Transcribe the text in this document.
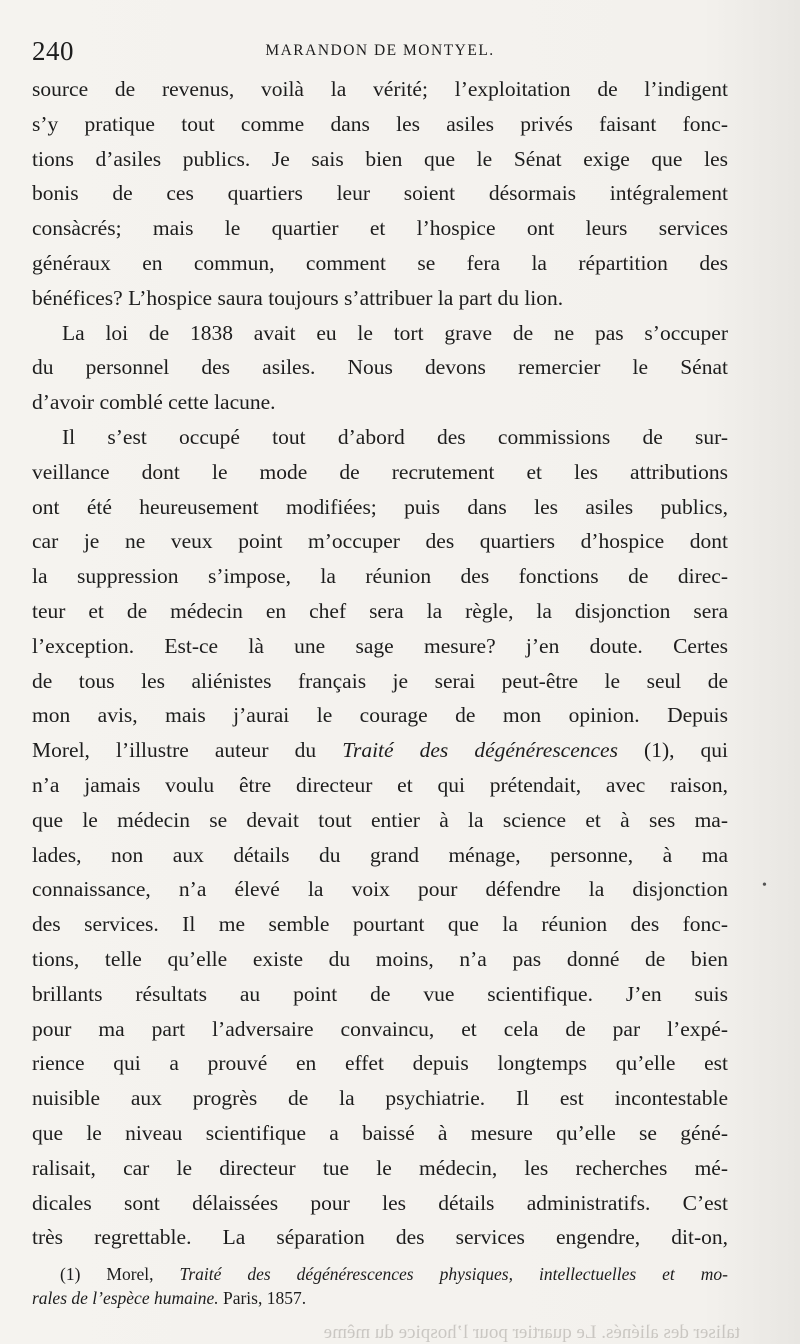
240	MARANDON DE MONTYEL.
source de revenus, voilà la vérité; l’exploitation de l’indigent
s’y pratique tout comme dans les asiles privés faisant fonc-
tions d’asiles publics. Je sais bien que le Sénat exige que les
bonis de ces quartiers leur soient désormais intégralement
consàcrés; mais le quartier et l’hospice ont leurs services
généraux en commun, comment se fera la répartition des
bénéfices? L’hospice saura toujours s’attribuer la part du lion.
La loi de 1838 avait eu le tort grave de ne pas s’occuper
du personnel des asiles. Nous devons remercier le Sénat
d’avoir comblé cette lacune.
Il s’est occupé tout d’abord des commissions de sur-
veillance dont le mode de recrutement et les attributions
ont été heureusement modifiées; puis dans les asiles publics,
car je ne veux point m’occuper des quartiers d’hospice dont
la suppression s’impose, la réunion des fonctions de direc-
teur et de médecin en chef sera la règle, la disjonction sera
l’exception. Est-ce là une sage mesure? j’en doute. Certes
de tous les aliénistes français je serai peut-être le seul de
mon avis, mais j’aurai le courage de mon opinion. Depuis
Morel, l’illustre auteur du Traité des dégénérescences (1), qui
n’a jamais voulu être directeur et qui prétendait, avec raison,
que le médecin se devait tout entier à la science et à ses ma-
lades, non aux détails du grand ménage, personne, à ma
connaissance, n’a élevé la voix pour défendre la disjonction
des services. Il me semble pourtant que la réunion des fonc-
tions, telle qu’elle existe du moins, n’a pas donné de bien
brillants résultats au point de vue scientifique. J’en suis
pour ma part l’adversaire convaincu, et cela de par l’expé-
rience qui a prouvé en effet depuis longtemps qu’elle est
nuisible aux progrès de la psychiatrie. Il est incontestable
que le niveau scientifique a baissé à mesure qu’elle se géné-
ralisait, car le directeur tue le médecin, les recherches mé-
dicales sont délaissées pour les détails administratifs. C’est
très regrettable. La séparation des services engendre, dit-on,
(1) Morel, Traité des dégénérescences physiques, intellectuelles et mo-
rales de l’espèce humaine. Paris, 1857.
•
taliser des aliénés. Le quartier pour l’hospice du même
